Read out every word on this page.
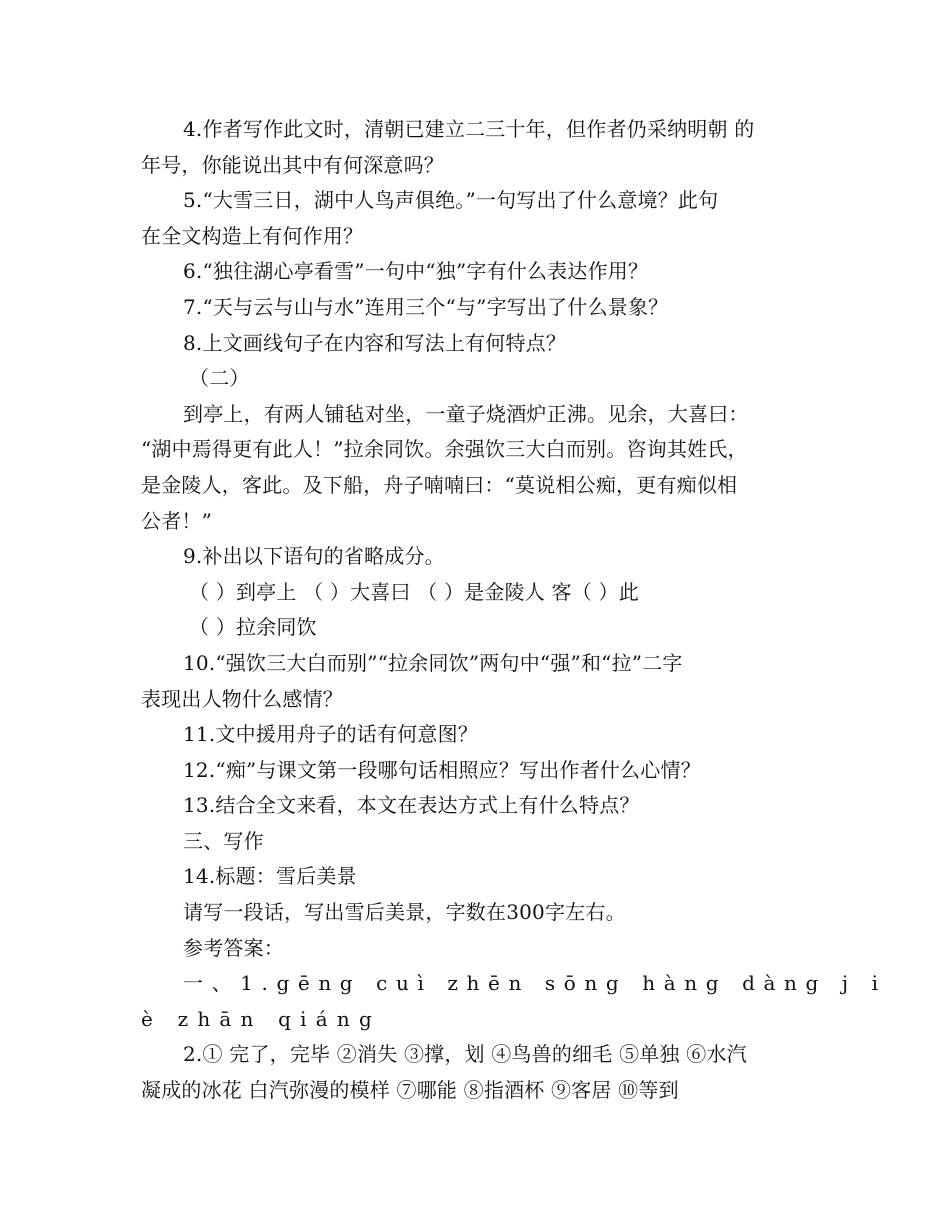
4.作者写作此文时，清朝已建立二三十年，但作者仍采纳明朝 的
年号，你能说出其中有何深意吗？
5.“大雪三日，湖中人鸟声俱绝。”一句写出了什么意境？此句
在全文构造上有何作用？
6.“独往湖心亭看雪”一句中“独”字有什么表达作用？
7.“天与云与山与水”连用三个“与”字写出了什么景象？
8.上文画线句子在内容和写法上有何特点？
（二）
到亭上，有两人铺毡对坐，一童子烧酒炉正沸。见余，大喜曰：
“湖中焉得更有此人！”拉余同饮。余强饮三大白而别。咨询其姓氏，
是金陵人，客此。及下船，舟子喃喃曰：“莫说相公痴，更有痴似相
公者！”
9.补出以下语句的省略成分。
（ ）到亭上 （ ）大喜曰 （ ）是金陵人 客（ ）此
（ ）拉余同饮
10.“强饮三大白而别”“拉余同饮”两句中“强”和“拉”二字
表现出人物什么感情？
11.文中援用舟子的话有何意图？
12.“痴”与课文第一段哪句话相照应？写出作者什么心情？
13.结合全文来看，本文在表达方式上有什么特点？
三、写作
14.标题：雪后美景
请写一段话，写出雪后美景，字数在300字左右。
参考答案：
一、1.gēng cuì zhēn sōng hàng dàng j i
è zhān qiáng
2.① 完了，完毕 ②消失 ③撑，划 ④鸟兽的细毛 ⑤单独 ⑥水汽
凝成的冰花 白汽弥漫的模样 ⑦哪能 ⑧指酒杯 ⑨客居 ⑩等到
